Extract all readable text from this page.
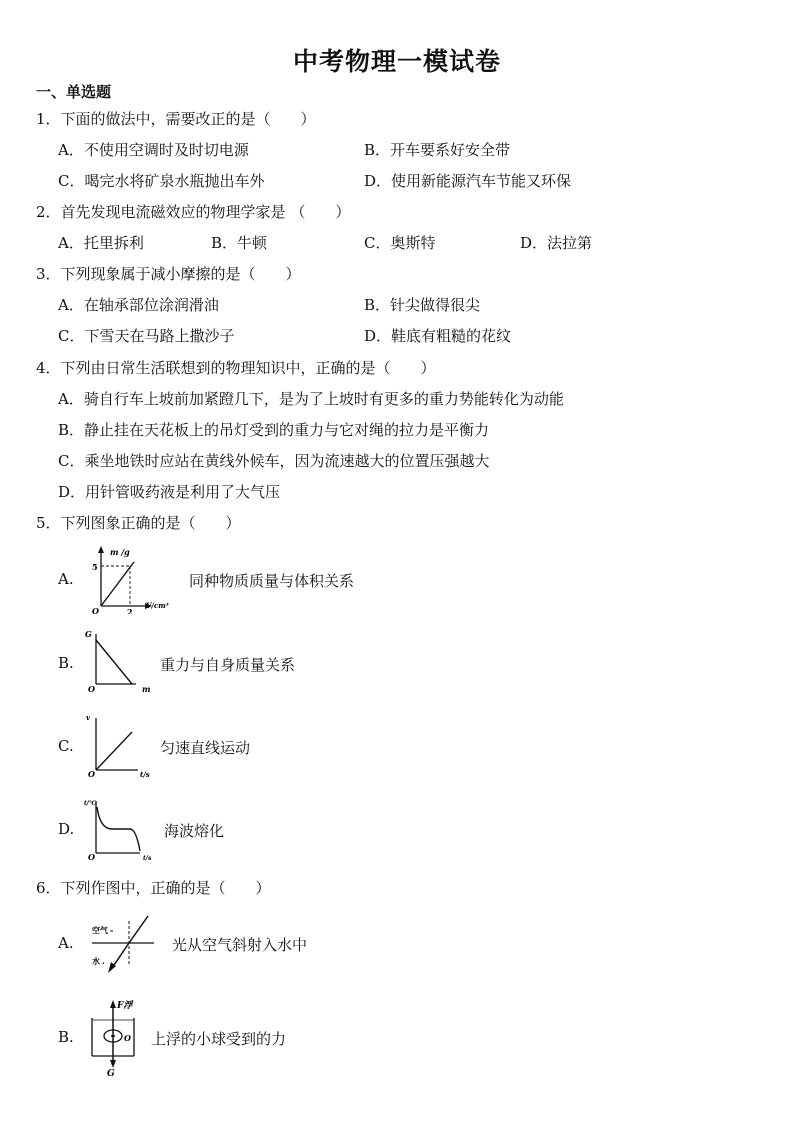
中考物理一模试卷
一、单选题
1．下面的做法中，需要改正的是（　　）
A．不使用空调时及时切电源	B．开车要系好安全带
C．喝完水将矿泉水瓶抛出车外	D．使用新能源汽车节能又环保
2．首先发现电流磁效应的物理学家是 （　　）
A．托里拆利	B．牛顿	C．奥斯特	D．法拉第
3．下列现象属于减小摩擦的是（　　）
A．在轴承部位涂润滑油	B．针尖做得很尖
C．下雪天在马路上撒沙子	D．鞋底有粗糙的花纹
4．下列由日常生活联想到的物理知识中，正确的是（　　）
A．骑自行车上坡前加紧蹬几下，是为了上坡时有更多的重力势能转化为动能
B．静止挂在天花板上的吊灯受到的重力与它对绳的拉力是平衡力
C．乘坐地铁时应站在黄线外候车，因为流速越大的位置压强越大
D．用针管吸药液是利用了大气压
5．下列图象正确的是（　　）
A.
m /g
5
2
O
V/cm³
同种物质质量与体积关系
B.
G
O	m
重力与自身质量关系
C.
v
O	t/s
匀速直线运动
D.
t/℃
O	t/s
海波熔化
6．下列作图中，正确的是（　　）
A.
空气 -
水 .
光从空气斜射入水中
B.
F浮
O
G
上浮的小球受到的力
